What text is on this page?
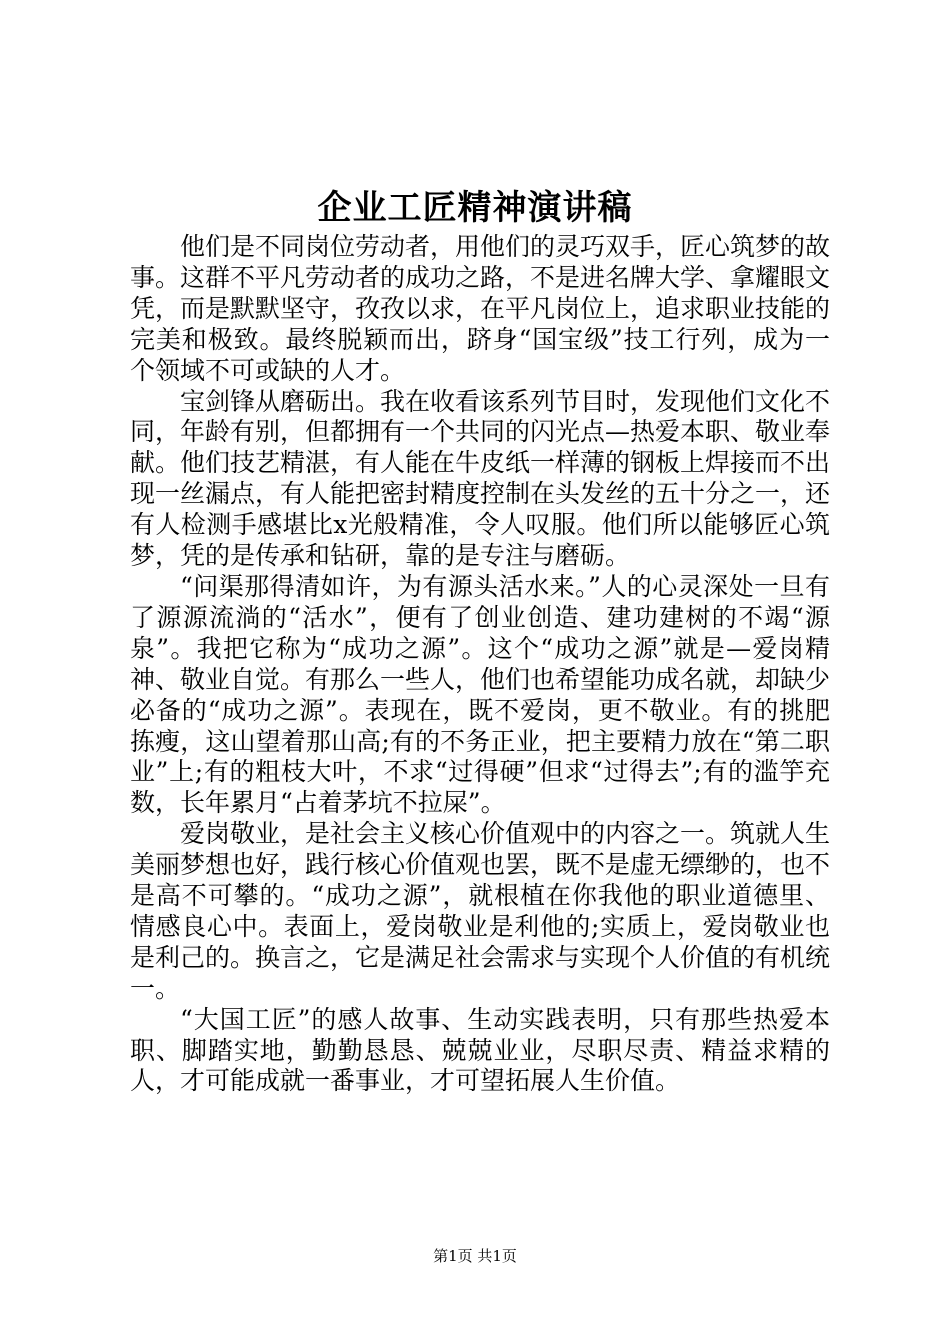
企业工匠精神演讲稿

他们是不同岗位劳动者，用他们的灵巧双手，匠心筑梦的故事。这群不平凡劳动者的成功之路，不是进名牌大学、拿耀眼文凭，而是默默坚守，孜孜以求，在平凡岗位上，追求职业技能的完美和极致。最终脱颖而出，跻身“国宝级”技工行列，成为一个领域不可或缺的人才。

宝剑锋从磨砺出。我在收看该系列节目时，发现他们文化不同，年龄有别，但都拥有一个共同的闪光点—热爱本职、敬业奉献。他们技艺精湛，有人能在牛皮纸一样薄的钢板上焊接而不出现一丝漏点，有人能把密封精度控制在头发丝的五十分之一，还有人检测手感堪比x光般精准，令人叹服。他们所以能够匠心筑梦，凭的是传承和钻研，靠的是专注与磨砺。

“问渠那得清如许，为有源头活水来。”人的心灵深处一旦有了源源流淌的“活水”，便有了创业创造、建功建树的不竭“源泉”。我把它称为“成功之源”。这个“成功之源”就是—爱岗精神、敬业自觉。有那么一些人，他们也希望能功成名就，却缺少必备的“成功之源”。表现在，既不爱岗，更不敬业。有的挑肥拣瘦，这山望着那山高;有的不务正业，把主要精力放在“第二职业”上;有的粗枝大叶，不求“过得硬”但求“过得去”;有的滥竽充数，长年累月“占着茅坑不拉屎”。

爱岗敬业，是社会主义核心价值观中的内容之一。筑就人生美丽梦想也好，践行核心价值观也罢，既不是虚无缥缈的，也不是高不可攀的。“成功之源”，就根植在你我他的职业道德里、情感良心中。表面上，爱岗敬业是利他的;实质上，爱岗敬业也是利己的。换言之，它是满足社会需求与实现个人价值的有机统一。

“大国工匠”的感人故事、生动实践表明，只有那些热爱本职、脚踏实地，勤勤恳恳、兢兢业业，尽职尽责、精益求精的人，才可能成就一番事业，才可望拓展人生价值。

第1页 共1页
